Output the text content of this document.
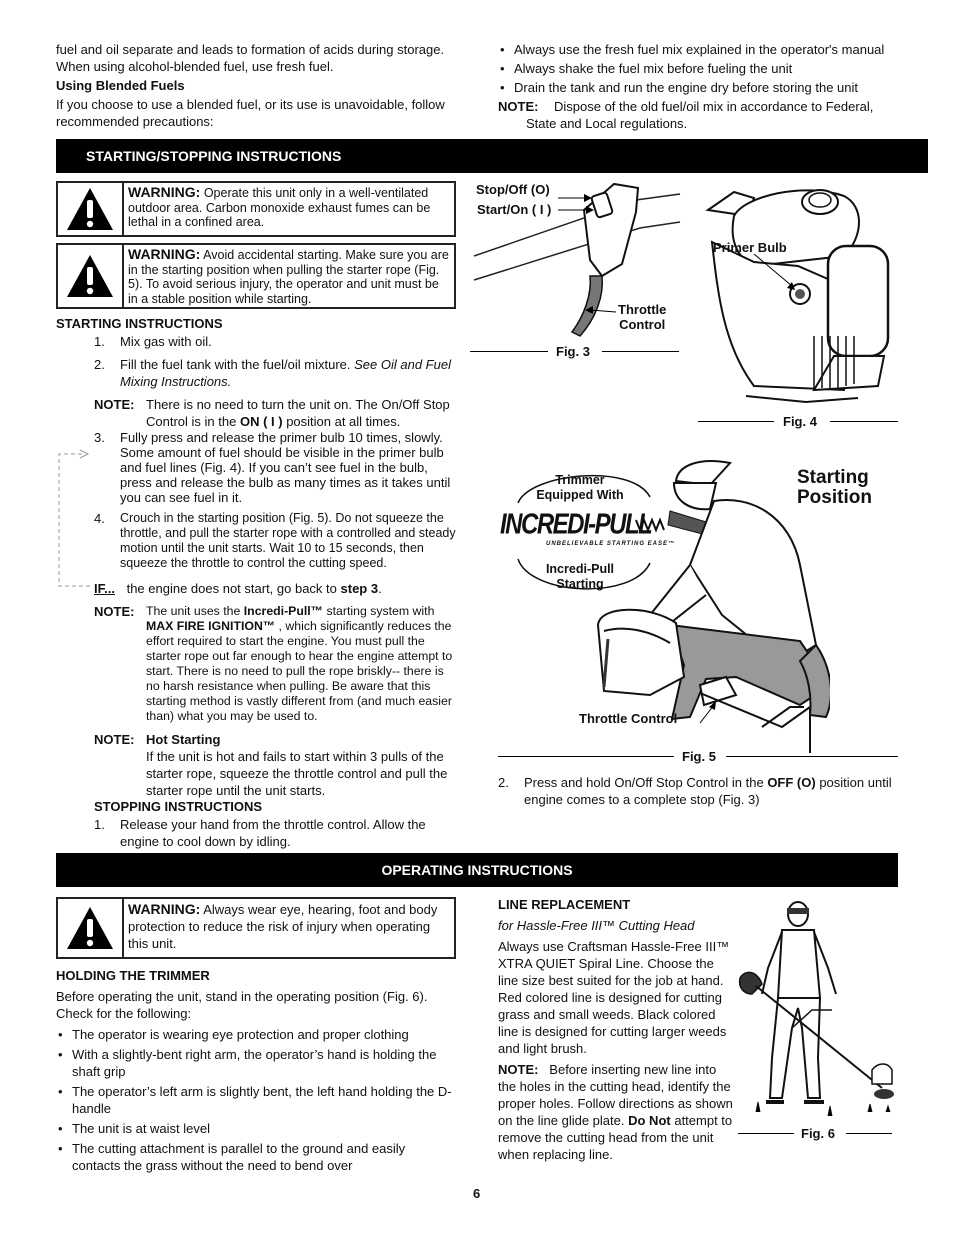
fuel and oil separate and leads to formation of acids during storage. When using alcohol-blended fuel, use fresh fuel.
Using Blended Fuels
If you choose to use a blended fuel, or its use is unavoidable, follow recommended precautions:
• Always use the fresh fuel mix explained in the operator's manual
• Always shake the fuel mix before fueling the unit
• Drain the tank and run the engine dry before storing the unit
NOTE:	Dispose of the old fuel/oil mix in accordance to Federal, State and Local regulations.
STARTING/STOPPING INSTRUCTIONS
WARNING: Operate this unit only in a well-ventilated outdoor area. Carbon monoxide exhaust fumes can be lethal in a confined area.
WARNING: Avoid accidental starting. Make sure you are in the starting position when pulling the starter rope (Fig. 5). To avoid serious injury, the operator and unit must be in a stable position while starting.
STARTING INSTRUCTIONS
1. Mix gas with oil.
2. Fill the fuel tank with the fuel/oil mixture. See Oil and Fuel Mixing Instructions.
NOTE: There is no need to turn the unit on. The On/Off Stop Control is in the ON ( I ) position at all times.
3. Fully press and release the primer bulb 10 times, slowly. Some amount of fuel should be visible in the primer bulb and fuel lines (Fig. 4). If you can’t see fuel in the bulb, press and release the bulb as many times as it takes until you can see fuel in it.
4. Crouch in the starting position (Fig. 5). Do not squeeze the throttle, and pull the starter rope with a controlled and steady motion until the unit starts. Wait 10 to 15 seconds, then squeeze the throttle to control the cutting speed.
IF... the engine does not start, go back to step 3.
NOTE: The unit uses the Incredi-Pull™ starting system with MAX FIRE IGNITION™ , which significantly reduces the effort required to start the engine. You must pull the starter rope out far enough to hear the engine attempt to start. There is no need to pull the rope briskly-- there is no harsh resistance when pulling. Be aware that this starting method is vastly different from (and much easier than) what you may be used to.
NOTE: Hot Starting
If the unit is hot and fails to start within 3 pulls of the starter rope, squeeze the throttle control and pull the starter rope until the unit starts.
STOPPING INSTRUCTIONS
1. Release your hand from the throttle control. Allow the engine to cool down by idling.
2. Press and hold On/Off Stop Control in the OFF (O) position until engine comes to a complete stop (Fig. 3)
Stop/Off (O)
Start/On ( I )
Throttle
Control
Fig. 3
Primer Bulb
Fig. 4
Starting
Position
Trimmer
Equipped With
INCREDI-PULL
UNBELIEVABLE STARTING EASE™
Incredi-Pull
Starting
Throttle Control
Fig. 5
OPERATING INSTRUCTIONS
WARNING: Always wear eye, hearing, foot and body protection to reduce the risk of injury when operating this unit.
HOLDING THE TRIMMER
Before operating the unit, stand in the operating position (Fig. 6). Check for the following:
• The operator is wearing eye protection and proper clothing
• With a slightly-bent right arm, the operator’s hand is holding the shaft grip
• The operator’s left arm is slightly bent, the left hand holding the D-handle
• The unit is at waist level
• The cutting attachment is parallel to the ground and easily contacts the grass without the need to bend over
LINE REPLACEMENT
for Hassle-Free III™ Cutting Head
Always use Craftsman Hassle-Free III™ XTRA QUIET Spiral Line. Choose the line size best suited for the job at hand. Red colored line is designed for cutting grass and small weeds. Black colored line is designed for cutting larger weeds and light brush.
NOTE: Before inserting new line into the holes in the cutting head, identify the proper holes. Follow directions as shown on the line glide plate. Do Not attempt to remove the cutting head from the unit when replacing line.
Fig. 6
6
